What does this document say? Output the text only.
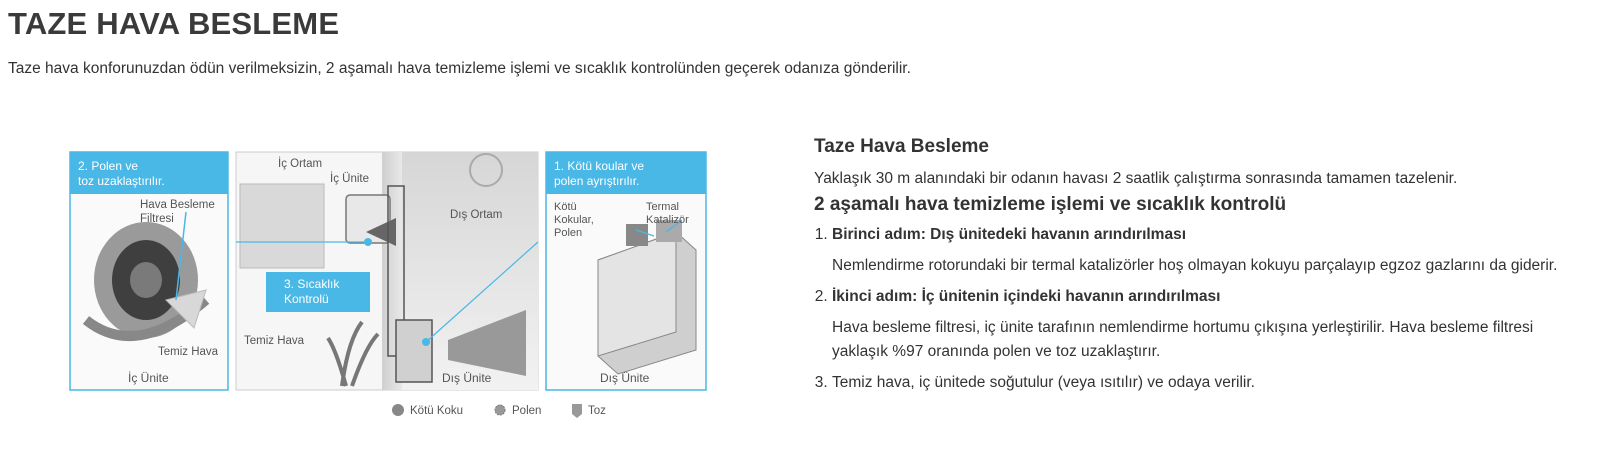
TAZE HAVA BESLEME

Taze hava konforunuzdan ödün verilmeksizin, 2 aşamalı hava temizleme işlemi ve sıcaklık kontrolünden geçerek odanıza gönderilir.

2. Polen ve
toz uzaklaştırılır.
Hava Besleme
Filtresi
Temiz Hava
İç Ünite
3. Sıcaklık
Kontrolü
İç Ortam
İç Ünite
Dış Ortam
Temiz Hava
Dış Ünite
1. Kötü koular ve
polen ayrıştırılır.
Kötü
Kokular,
Polen
Termal
Katalizör
Dış Ünite
Kötü Koku	Polen	Toz
Taze Hava Besleme

Yaklaşık 30 m alanındaki bir odanın havası 2 saatlik çalıştırma sonrasında tamamen tazelenir.

2 aşamalı hava temizleme işlemi ve sıcaklık kontrolü
1. Birinci adım: Dış ünitedeki havanın arındırılması
Nemlendirme rotorundaki bir termal katalizörler hoş olmayan kokuyu parçalayıp egzoz gazlarını da giderir.
2. İkinci adım: İç ünitenin içindeki havanın arındırılması
Hava besleme filtresi, iç ünite tarafının nemlendirme hortumu çıkışına yerleştirilir. Hava besleme filtresi yaklaşık %97 oranında polen ve toz uzaklaştırır.
3. Temiz hava, iç ünitede soğutulur (veya ısıtılır) ve odaya verilir.
